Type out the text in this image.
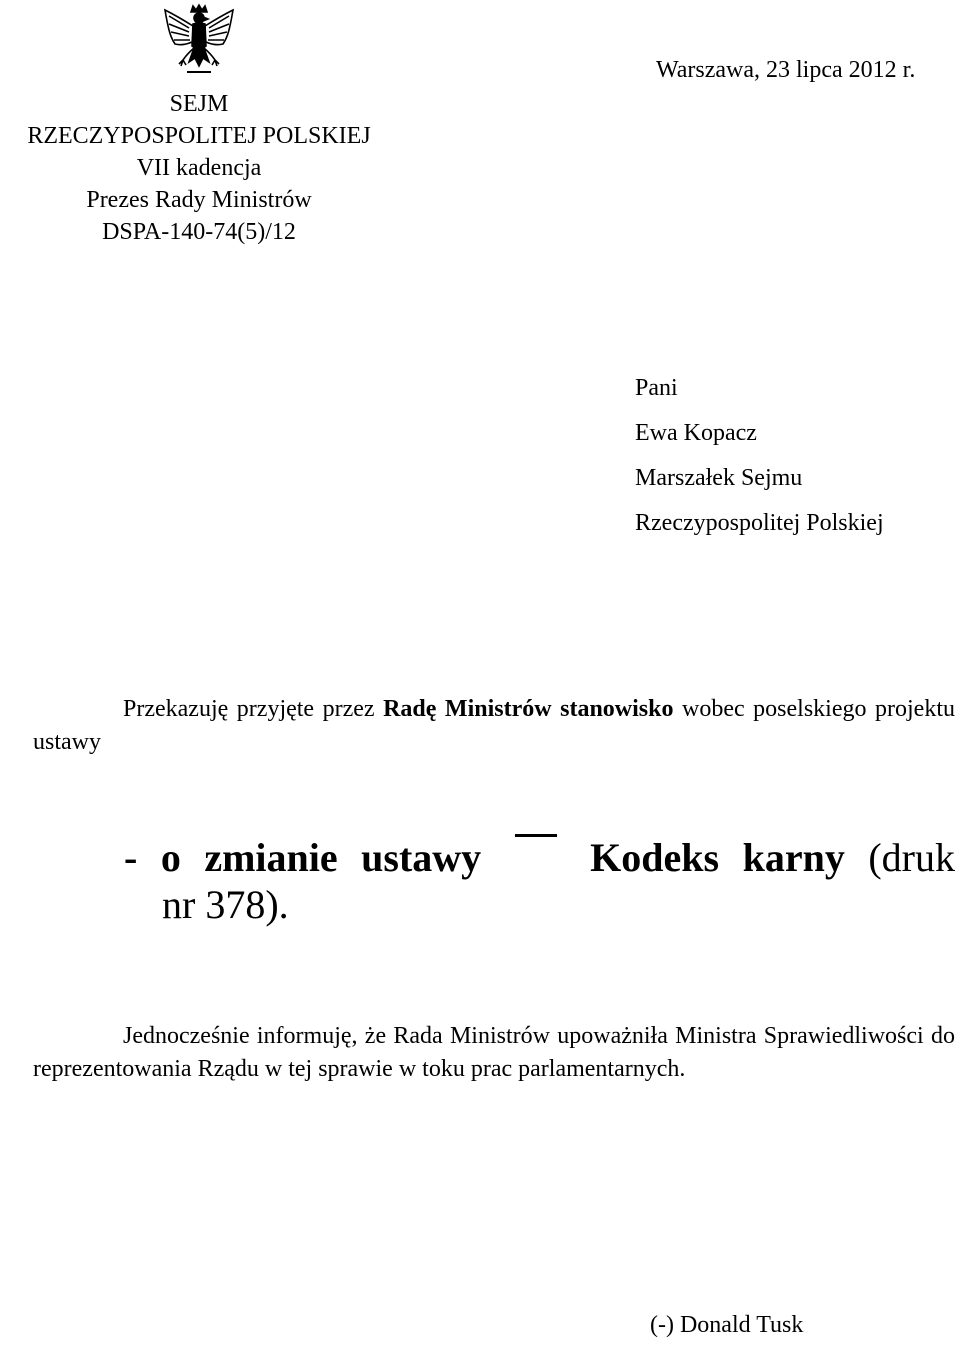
SEJM
RZECZYPOSPOLITEJ POLSKIEJ
VII kadencja
Prezes Rady Ministrów
DSPA-140-74(5)/12
Warszawa, 23 lipca 2012 r.
Pani
Ewa Kopacz
Marszałek Sejmu
Rzeczypospolitej Polskiej
Przekazuję przyjęte przez Radę Ministrów stanowisko wobec poselskiego projektu ustawy
- o zmianie ustawy	Kodeks karny (druk
nr 378).
Jednocześnie informuję, że Rada Ministrów upoważniła Ministra Sprawiedliwości do reprezentowania Rządu w tej sprawie w toku prac parlamentarnych.
(-) Donald Tusk
